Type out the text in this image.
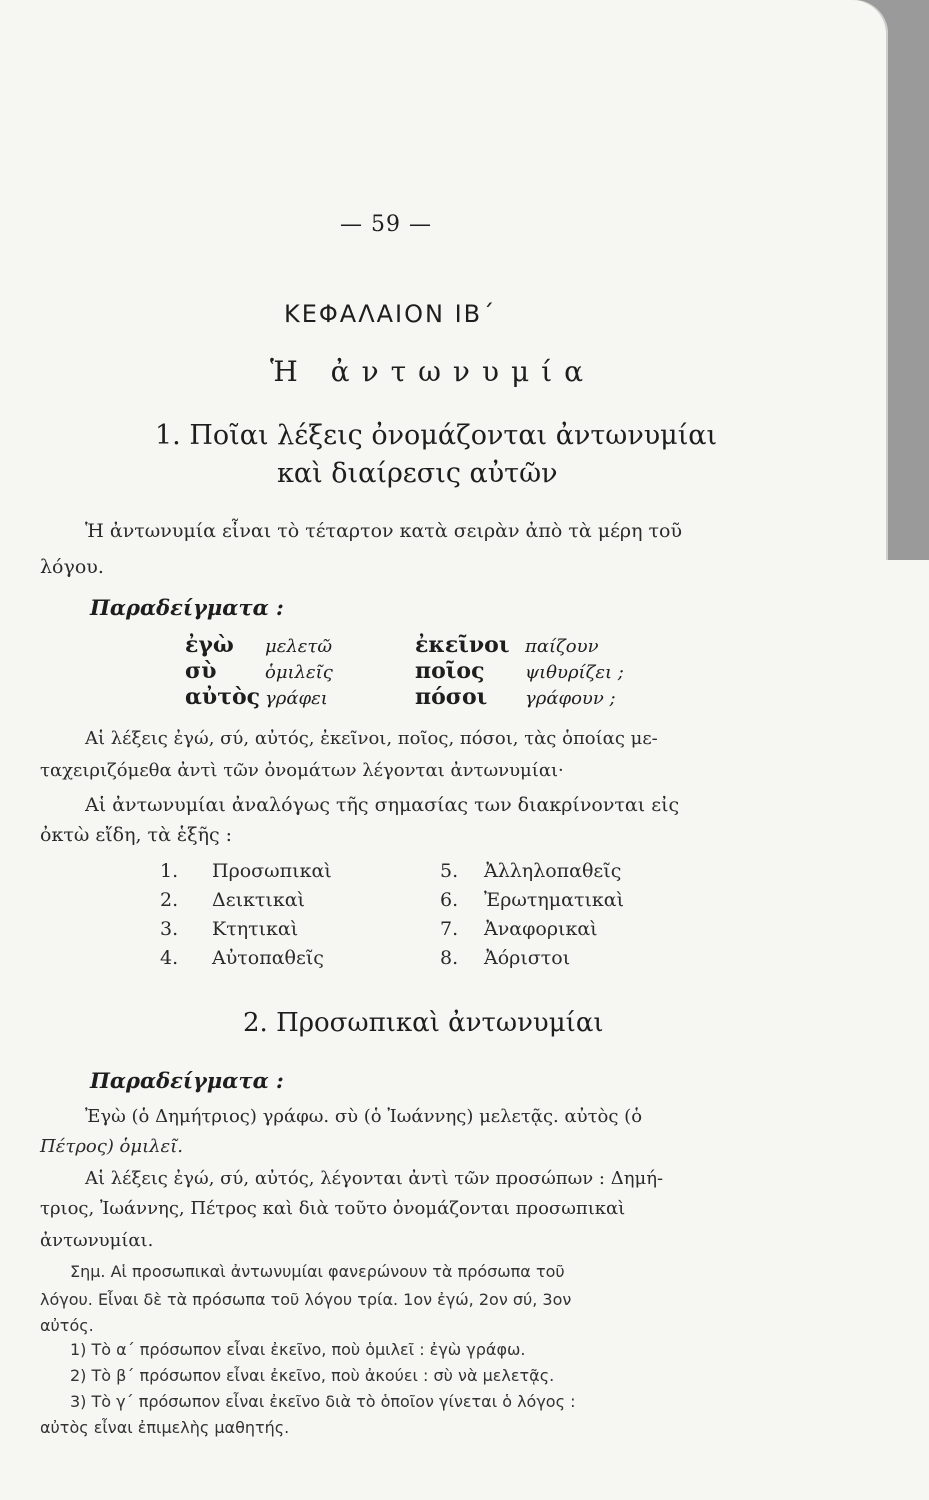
— 59 —
ΚΕΦΑΛΑΙΟΝ ΙΒ΄
Ἡ ἀντωνυμία
1. Ποῖαι λέξεις ὀνομάζονται ἀντωνυμίαι
καὶ διαίρεσις αὐτῶν
Ἡ ἀντωνυμία εἶναι τὸ τέταρτον κατὰ σειρὰν ἀπὸ τὰ μέρη τοῦ
λόγου.
Παραδείγματα :
ἐγὼ μελετῶ
σὺ	ὁμιλεῖς
αὐτὸς γράφει
ἐκεῖνοι παίζουν
ποῖος ψιθυρίζει ;
πόσοι γράφουν ;
Αἱ λέξεις ἐγώ, σύ, αὐτός, ἐκεῖνοι, ποῖος, πόσοι, τὰς ὁποίας με-
ταχειριζόμεθα ἀντὶ τῶν ὀνομάτων λέγονται ἀντωνυμίαι·
Αἱ ἀντωνυμίαι ἀναλόγως τῆς σημασίας των διακρίνονται εἰς
ὀκτὼ εἴδη, τὰ ἑξῆς :
1. Προσωπικαὶ
2. Δεικτικαὶ
3. Κτητικαὶ
4. Αὐτοπαθεῖς
5. Ἀλληλοπαθεῖς
6. Ἐρωτηματικαὶ
7. Ἀναφορικαὶ
8. Ἀόριστοι
2. Προσωπικαὶ ἀντωνυμίαι
Παραδείγματα :
Ἐγὼ (ὁ Δημήτριος) γράφω. σὺ (ὁ Ἰωάννης) μελετᾷς. αὐτὸς (ὁ
Πέτρος) ὁμιλεῖ.
Αἱ λέξεις ἐγώ, σύ, αὐτός, λέγονται ἀντὶ τῶν προσώπων : Δημή-
τριος, Ἰωάννης, Πέτρος καὶ διὰ τοῦτο ὀνομάζονται προσωπικαὶ
ἀντωνυμίαι.
Σημ. Αἱ προσωπικαὶ ἀντωνυμίαι φανερώνουν τὰ πρόσωπα τοῦ
λόγου. Εἶναι δὲ τὰ πρόσωπα τοῦ λόγου τρία. 1ον ἐγώ, 2ον σύ, 3ον
αὐτός.
1) Τὸ α΄ πρόσωπον εἶναι ἐκεῖνο, ποὺ ὁμιλεῖ : ἐγὼ γράφω.
2) Τὸ β΄ πρόσωπον εἶναι ἐκεῖνο, ποὺ ἀκούει : σὺ νὰ μελετᾷς.
3) Τὸ γ΄ πρόσωπον εἶναι ἐκεῖνο διὰ τὸ ὁποῖον γίνεται ὁ λόγος :
αὐτὸς εἶναι ἐπιμελὴς μαθητής.
